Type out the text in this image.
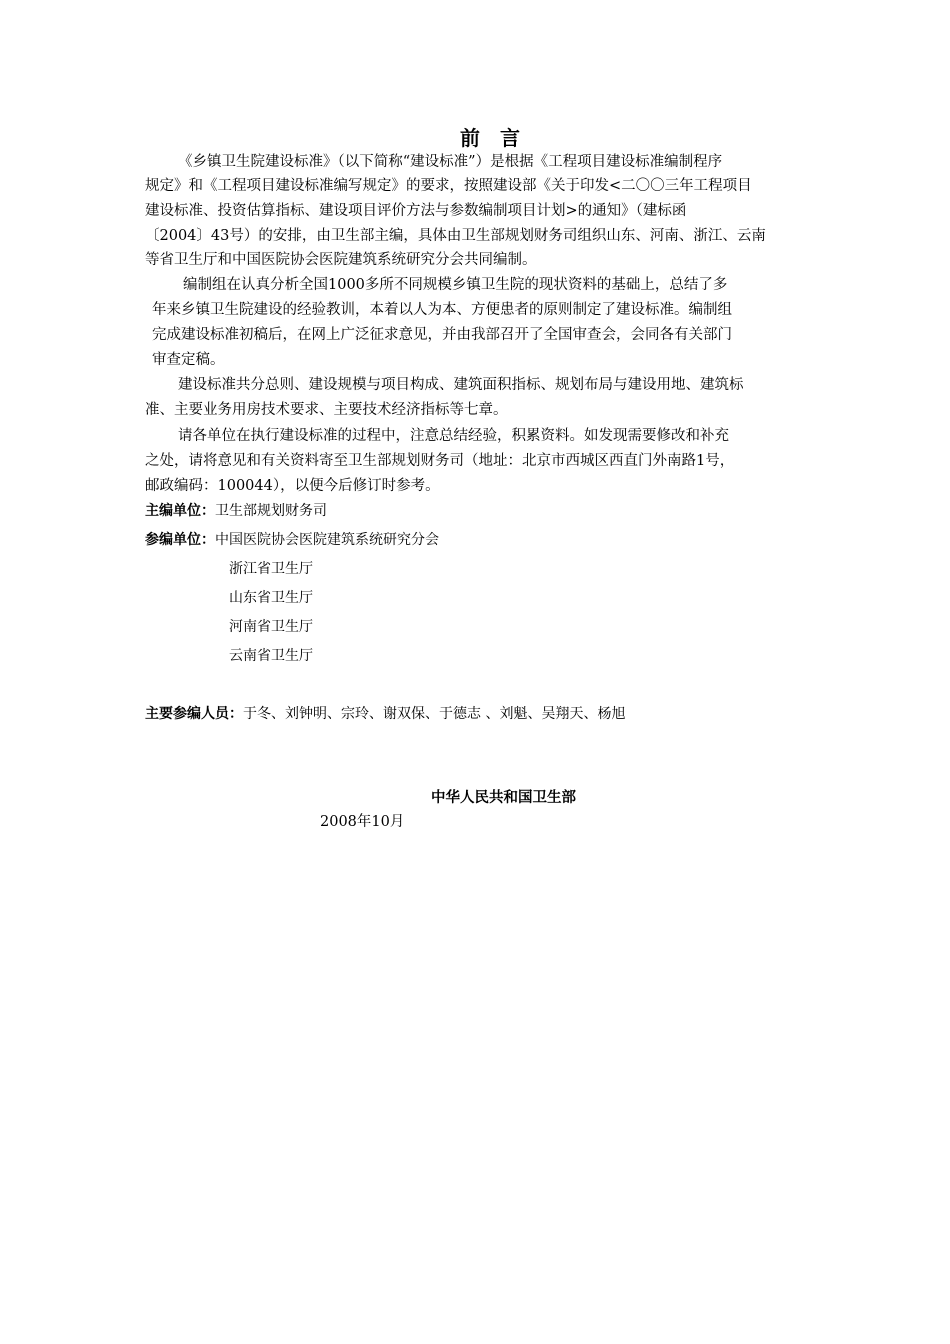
前言
《乡镇卫生院建设标准》（以下简称“建设标准”）是根据《工程项目建设标准编制程序
规定》和《工程项目建设标准编写规定》的要求，按照建设部《关于印发<二〇〇三年工程项目
建设标准、投资估算指标、建设项目评价方法与参数编制项目计划>的通知》（建标函
〔2004〕43号）的安排，由卫生部主编，具体由卫生部规划财务司组织山东、河南、浙江、云南
等省卫生厅和中国医院协会医院建筑系统研究分会共同编制。
编制组在认真分析全国1000多所不同规模乡镇卫生院的现状资料的基础上，总结了多
年来乡镇卫生院建设的经验教训，本着以人为本、方便患者的原则制定了建设标准。编制组
完成建设标准初稿后，在网上广泛征求意见，并由我部召开了全国审查会，会同各有关部门
审查定稿。
建设标准共分总则、建设规模与项目构成、建筑面积指标、规划布局与建设用地、建筑标
准、主要业务用房技术要求、主要技术经济指标等七章。
请各单位在执行建设标准的过程中，注意总结经验，积累资料。如发现需要修改和补充
之处，请将意见和有关资料寄至卫生部规划财务司（地址：北京市西城区西直门外南路1号，
邮政编码：100044），以便今后修订时参考。
主编单位：卫生部规划财务司
参编单位：中国医院协会医院建筑系统研究分会
浙江省卫生厅
山东省卫生厅
河南省卫生厅
云南省卫生厅
主要参编人员：于冬、刘钟明、宗玲、谢双保、于德志 、刘魁、吴翔天、杨旭
中华人民共和国卫生部
2008年10月
